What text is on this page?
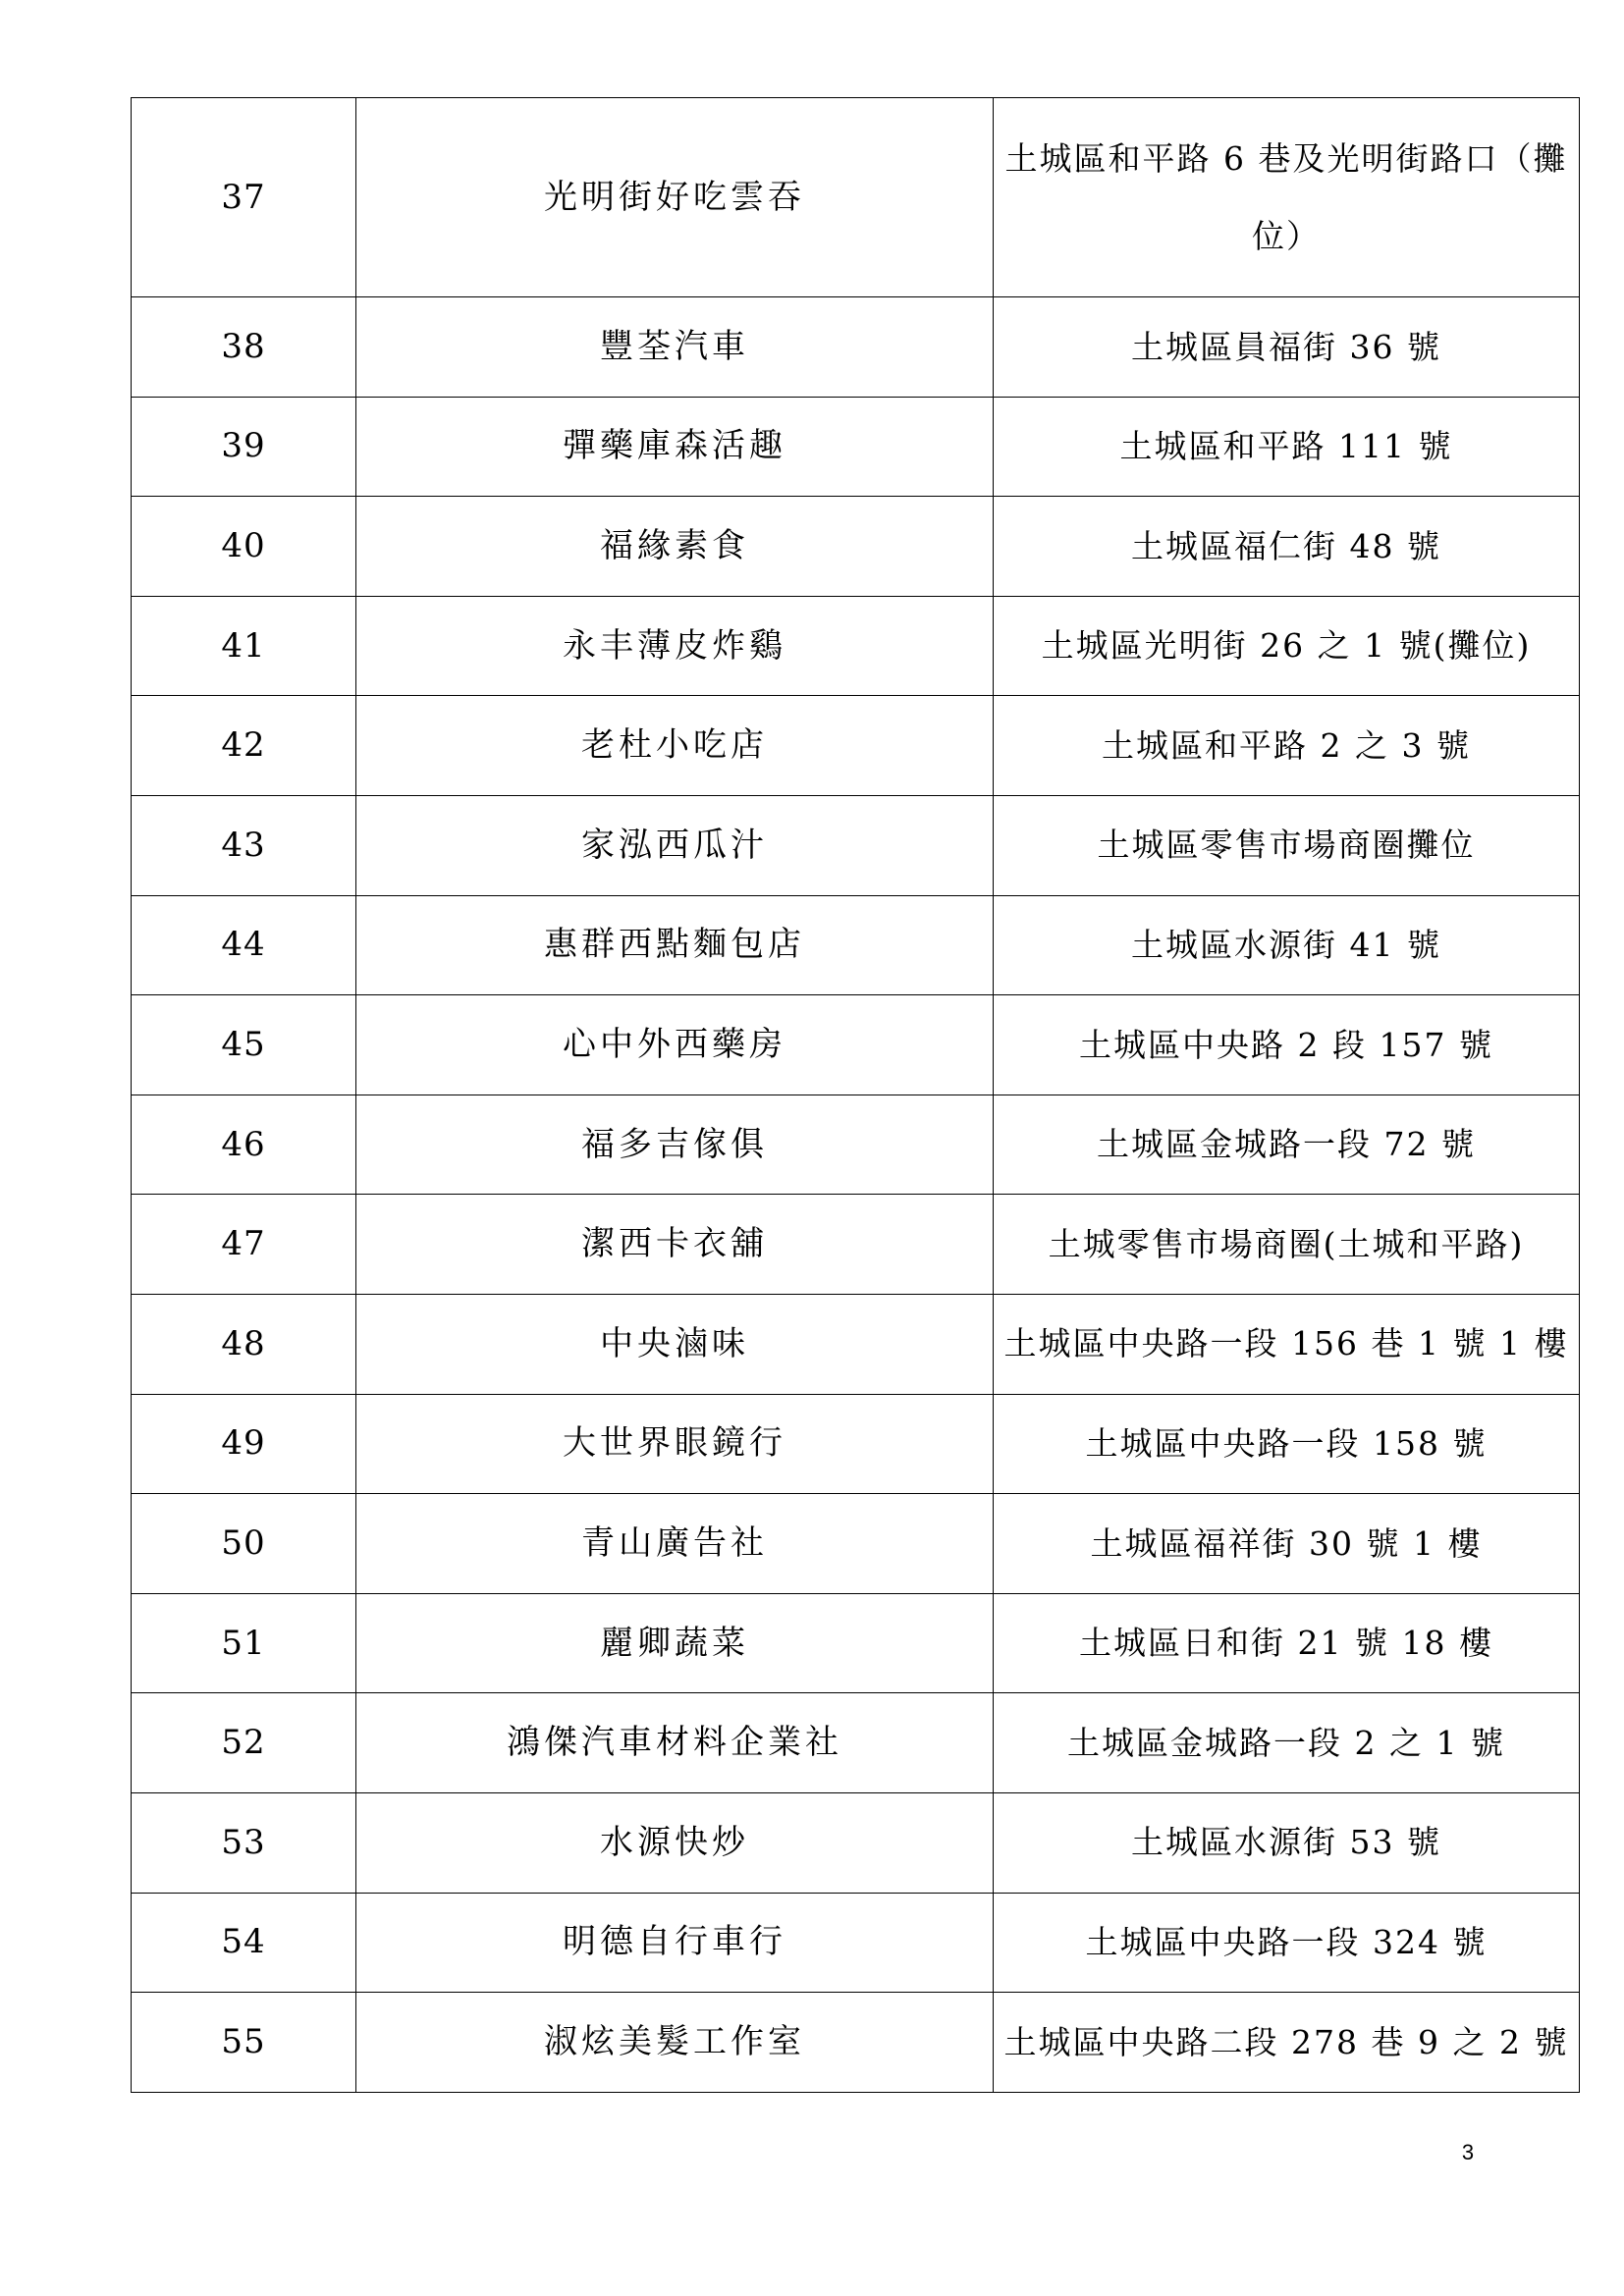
37	光明街好吃雲吞	土城區和平路 6 巷及光明街路口（攤位）
38	豐荃汽車	土城區員福街 36 號
39	彈藥庫森活趣	土城區和平路 111 號
40	福緣素食	土城區福仁街 48 號
41	永丰薄皮炸鷄	土城區光明街 26 之 1 號(攤位)
42	老杜小吃店	土城區和平路 2 之 3 號
43	家泓西瓜汁	土城區零售市場商圈攤位
44	惠群西點麵包店	土城區水源街 41 號
45	心中外西藥房	土城區中央路 2 段 157 號
46	福多吉傢俱	土城區金城路一段 72 號
47	潔西卡衣舖	土城零售市場商圈(土城和平路)
48	中央滷味	土城區中央路一段 156 巷 1 號 1 樓
49	大世界眼鏡行	土城區中央路一段 158 號
50	青山廣告社	土城區福祥街 30 號 1 樓
51	麗卿蔬菜	土城區日和街 21 號 18 樓
52	鴻傑汽車材料企業社	土城區金城路一段 2 之 1 號
53	水源快炒	土城區水源街 53 號
54	明德自行車行	土城區中央路一段 324 號
55	淑炫美髮工作室	土城區中央路二段 278 巷 9 之 2 號
3
